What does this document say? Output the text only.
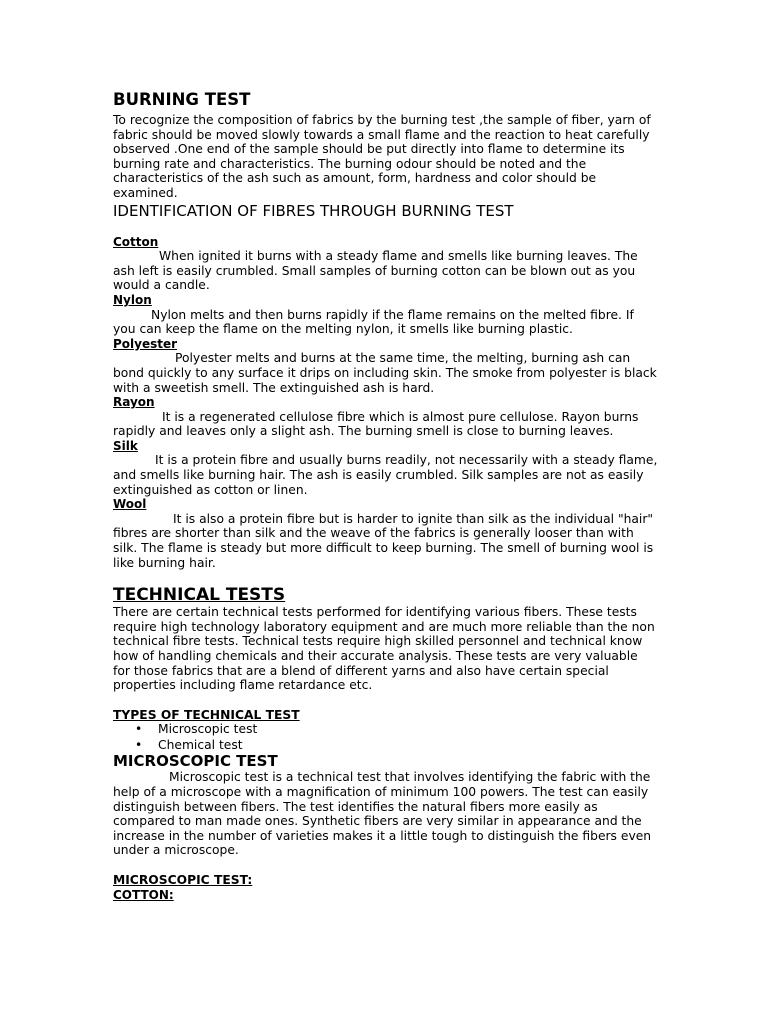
BURNING TEST

To recognize the composition of fabrics by the burning test ,the sample of fiber, yarn of fabric should be moved slowly towards a small flame and the reaction to heat carefully observed .One end of the sample should be put directly into flame to determine its burning rate and characteristics. The burning odour should be noted and the characteristics of the ash such as amount, form, hardness and color should be examined.

IDENTIFICATION OF FIBRES THROUGH BURNING TEST
Cotton

When ignited it burns with a steady flame and smells like burning leaves. The ash left is easily crumbled. Small samples of burning cotton can be blown out as you would a candle.

Nylon

Nylon melts and then burns rapidly if the flame remains on the melted fibre. If you can keep the flame on the melting nylon, it smells like burning plastic.

Polyester

Polyester melts and burns at the same time, the melting, burning ash can bond quickly to any surface it drips on including skin. The smoke from polyester is black with a sweetish smell. The extinguished ash is hard.

Rayon

It is a regenerated cellulose fibre which is almost pure cellulose. Rayon burns rapidly and leaves only a slight ash. The burning smell is close to burning leaves.

Silk

It is a protein fibre and usually burns readily, not necessarily with a steady flame, and smells like burning hair. The ash is easily crumbled. Silk samples are not as easily extinguished as cotton or linen.

Wool

It is also a protein fibre but is harder to ignite than silk as the individual "hair" fibres are shorter than silk and the weave of the fabrics is generally looser than with silk. The flame is steady but more difficult to keep burning. The smell of burning wool is like burning hair.

TECHNICAL TESTS

There are certain technical tests performed for identifying various fibers. These tests require high technology laboratory equipment and are much more reliable than the non technical fibre tests. Technical tests require high skilled personnel and technical know how of handling chemicals and their accurate analysis. These tests are very valuable for those fabrics that are a blend of different yarns and also have certain special properties including flame retardance etc.

TYPES OF TECHNICAL TEST
• Microscopic test
• Chemical test
MICROSCOPIC TEST

Microscopic test is a technical test that involves identifying the fabric with the help of a microscope with a magnification of minimum 100 powers. The test can easily distinguish between fibers. The test identifies the natural fibers more easily as compared to man made ones. Synthetic fibers are very similar in appearance and the increase in the number of varieties makes it a little tough to distinguish the fibers even under a microscope.

MICROSCOPIC TEST:
COTTON:
